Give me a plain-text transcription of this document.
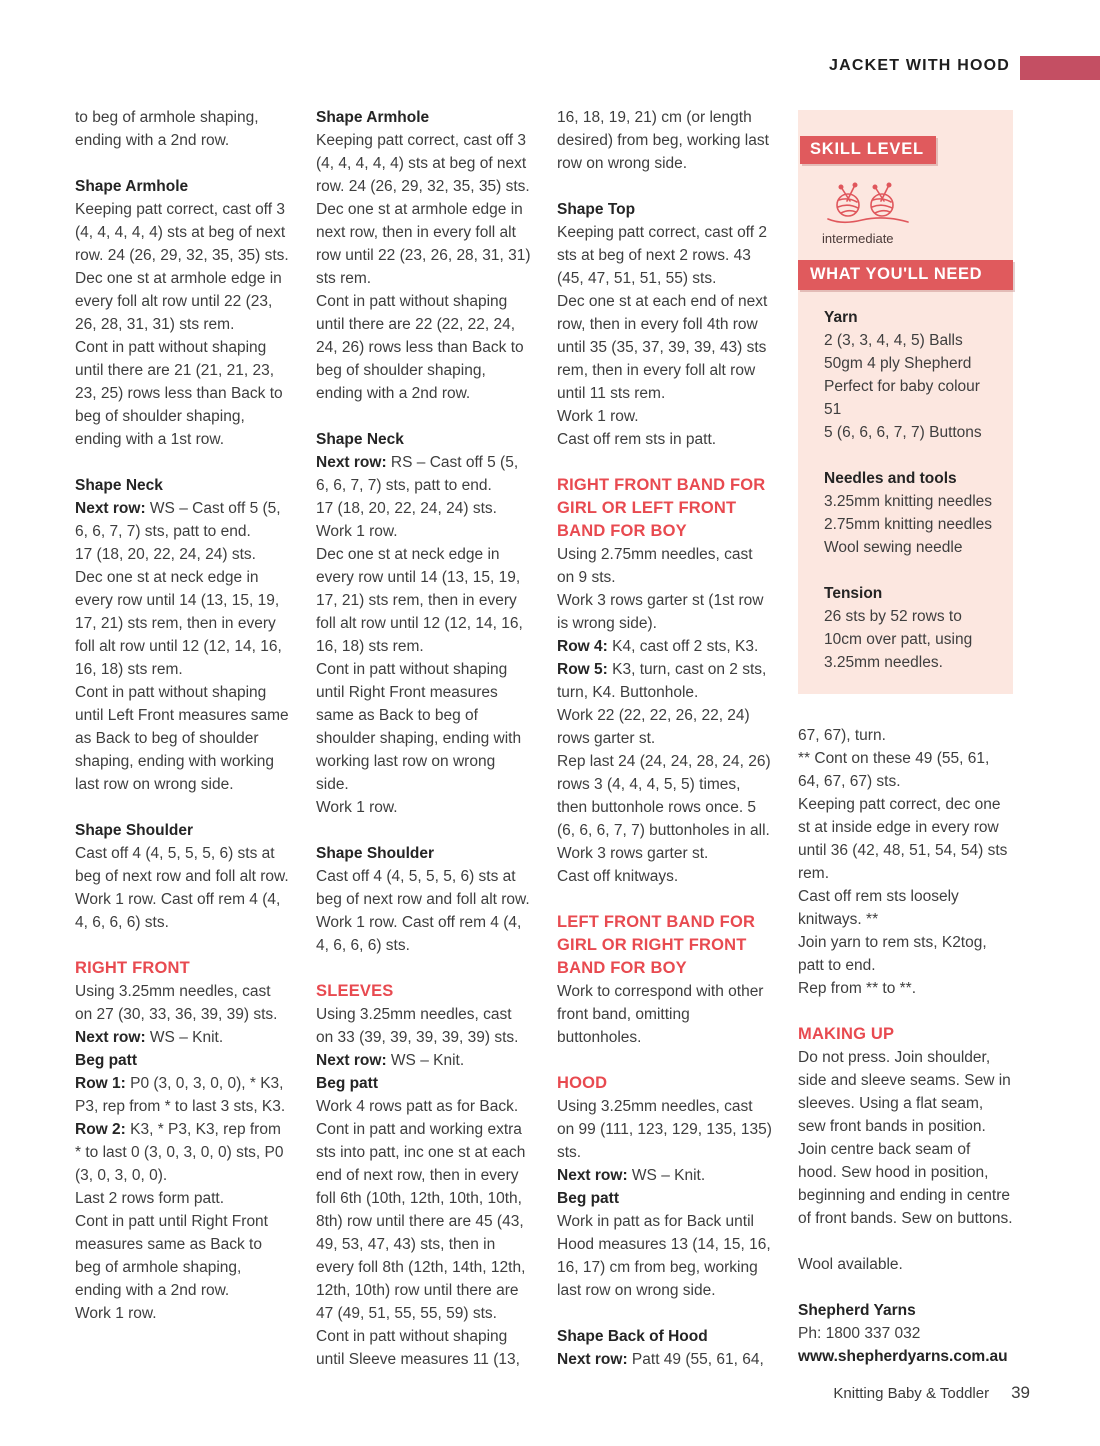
JACKET WITH HOOD
to beg of armhole shaping, ending with a 2nd row.
Shape Armhole
Keeping patt correct, cast off 3 (4, 4, 4, 4, 4) sts at beg of next row. 24 (26, 29, 32, 35, 35) sts.
Dec one st at armhole edge in every foll alt row until 22 (23, 26, 28, 31, 31) sts rem.
Cont in patt without shaping until there are 21 (21, 21, 23, 23, 25) rows less than Back to beg of shoulder shaping, ending with a 1st row.
Shape Neck
Next row: WS – Cast off 5 (5, 6, 6, 7, 7) sts, patt to end.
17 (18, 20, 22, 24, 24) sts.
Dec one st at neck edge in every row until 14 (13, 15, 19, 17, 21) sts rem, then in every foll alt row until 12 (12, 14, 16, 16, 18) sts rem.
Cont in patt without shaping until Left Front measures same as Back to beg of shoulder shaping, ending with working last row on wrong side.
Shape Shoulder
Cast off 4 (4, 5, 5, 5, 6) sts at beg of next row and foll alt row. Work 1 row. Cast off rem 4 (4, 4, 6, 6, 6) sts.
RIGHT FRONT
Using 3.25mm needles, cast on 27 (30, 33, 36, 39, 39) sts.
Next row: WS – Knit.
Beg patt
Row 1: P0 (3, 0, 3, 0, 0), * K3, P3, rep from * to last 3 sts, K3.
Row 2: K3, * P3, K3, rep from * to last 0 (3, 0, 3, 0, 0) sts, P0 (3, 0, 3, 0, 0).
Last 2 rows form patt.
Cont in patt until Right Front measures same as Back to beg of armhole shaping, ending with a 2nd row.
Work 1 row.
Shape Armhole
Keeping patt correct, cast off 3 (4, 4, 4, 4, 4) sts at beg of next row. 24 (26, 29, 32, 35, 35) sts.
Dec one st at armhole edge in next row, then in every foll alt row until 22 (23, 26, 28, 31, 31) sts rem.
Cont in patt without shaping until there are 22 (22, 22, 24, 24, 26) rows less than Back to beg of shoulder shaping, ending with a 2nd row.
Shape Neck
Next row: RS – Cast off 5 (5, 6, 6, 7, 7) sts, patt to end.
17 (18, 20, 22, 24, 24) sts.
Work 1 row.
Dec one st at neck edge in every row until 14 (13, 15, 19, 17, 21) sts rem, then in every foll alt row until 12 (12, 14, 16, 16, 18) sts rem.
Cont in patt without shaping until Right Front measures same as Back to beg of shoulder shaping, ending with working last row on wrong side.
Work 1 row.
Shape Shoulder
Cast off 4 (4, 5, 5, 5, 6) sts at beg of next row and foll alt row. Work 1 row. Cast off rem 4 (4, 4, 6, 6, 6) sts.
SLEEVES
Using 3.25mm needles, cast on 33 (39, 39, 39, 39, 39) sts.
Next row: WS – Knit.
Beg patt
Work 4 rows patt as for Back.
Cont in patt and working extra sts into patt, inc one st at each end of next row, then in every foll 6th (10th, 12th, 10th, 10th, 8th) row until there are 45 (43, 49, 53, 47, 43) sts, then in every foll 8th (12th, 14th, 12th, 12th, 10th) row until there are 47 (49, 51, 55, 55, 59) sts.
Cont in patt without shaping until Sleeve measures 11 (13,
16, 18, 19, 21) cm (or length desired) from beg, working last row on wrong side.
Shape Top
Keeping patt correct, cast off 2 sts at beg of next 2 rows. 43 (45, 47, 51, 51, 55) sts.
Dec one st at each end of next row, then in every foll 4th row until 35 (35, 37, 39, 39, 43) sts rem, then in every foll alt row until 11 sts rem.
Work 1 row.
Cast off rem sts in patt.
RIGHT FRONT BAND FOR GIRL OR LEFT FRONT BAND FOR BOY
Using 2.75mm needles, cast on 9 sts.
Work 3 rows garter st (1st row is wrong side).
Row 4: K4, cast off 2 sts, K3.
Row 5: K3, turn, cast on 2 sts, turn, K4. Buttonhole.
Work 22 (22, 22, 26, 22, 24) rows garter st.
Rep last 24 (24, 24, 28, 24, 26) rows 3 (4, 4, 4, 5, 5) times, then buttonhole rows once. 5 (6, 6, 6, 7, 7) buttonholes in all.
Work 3 rows garter st.
Cast off knitways.
LEFT FRONT BAND FOR GIRL OR RIGHT FRONT BAND FOR BOY
Work to correspond with other front band, omitting buttonholes.
HOOD
Using 3.25mm needles, cast on 99 (111, 123, 129, 135, 135) sts.
Next row: WS – Knit.
Beg patt
Work in patt as for Back until Hood measures 13 (14, 15, 16, 16, 17) cm from beg, working last row on wrong side.
Shape Back of Hood
Next row: Patt 49 (55, 61, 64,
SKILL LEVEL
intermediate
WHAT YOU'LL NEED
Yarn
2 (3, 3, 4, 4, 5) Balls
50gm 4 ply Shepherd
Perfect for baby colour 51
5 (6, 6, 6, 7, 7) Buttons
Needles and tools
3.25mm knitting needles
2.75mm knitting needles
Wool sewing needle
Tension
26 sts by 52 rows to
10cm over patt, using
3.25mm needles.
67, 67), turn.
** Cont on these 49 (55, 61, 64, 67, 67) sts.
Keeping patt correct, dec one st at inside edge in every row until 36 (42, 48, 51, 54, 54) sts rem.
Cast off rem sts loosely knitways. **
Join yarn to rem sts, K2tog, patt to end.
Rep from ** to **.
MAKING UP
Do not press. Join shoulder, side and sleeve seams. Sew in sleeves. Using a flat seam, sew front bands in position. Join centre back seam of hood. Sew hood in position, beginning and ending in centre of front bands. Sew on buttons.
Wool available.
Shepherd Yarns
Ph: 1800 337 032
www.shepherdyarns.com.au
Knitting Baby & Toddler 39
